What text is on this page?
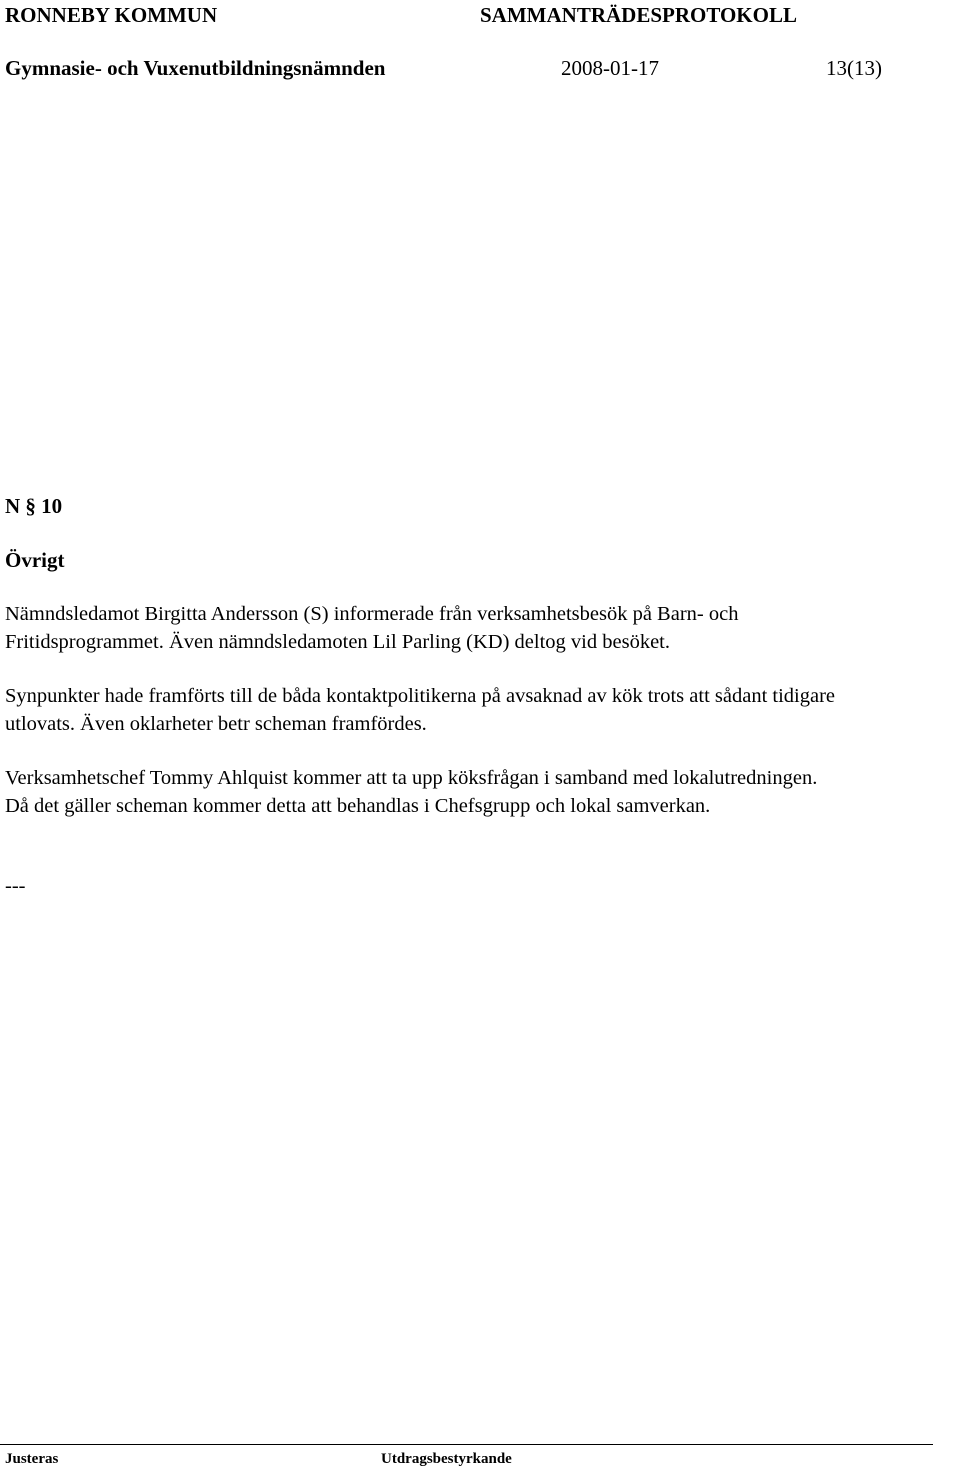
RONNEBY KOMMUN	SAMMANTRÄDESPROTOKOLL
Gymnasie- och Vuxenutbildningsnämnden	2008-01-17	13(13)
N § 10
Övrigt
Nämndsledamot Birgitta Andersson (S) informerade från verksamhetsbesök på Barn- och
Fritidsprogrammet. Även nämndsledamoten Lil Parling (KD) deltog vid besöket.
Synpunkter hade framförts till de båda kontaktpolitikerna på avsaknad av kök trots att sådant tidigare
utlovats. Även oklarheter betr scheman framfördes.
Verksamhetschef Tommy Ahlquist kommer att ta upp köksfrågan i samband med lokalutredningen.
Då det gäller scheman kommer detta att behandlas i Chefsgrupp och lokal samverkan.
---
Justeras	Utdragsbestyrkande
